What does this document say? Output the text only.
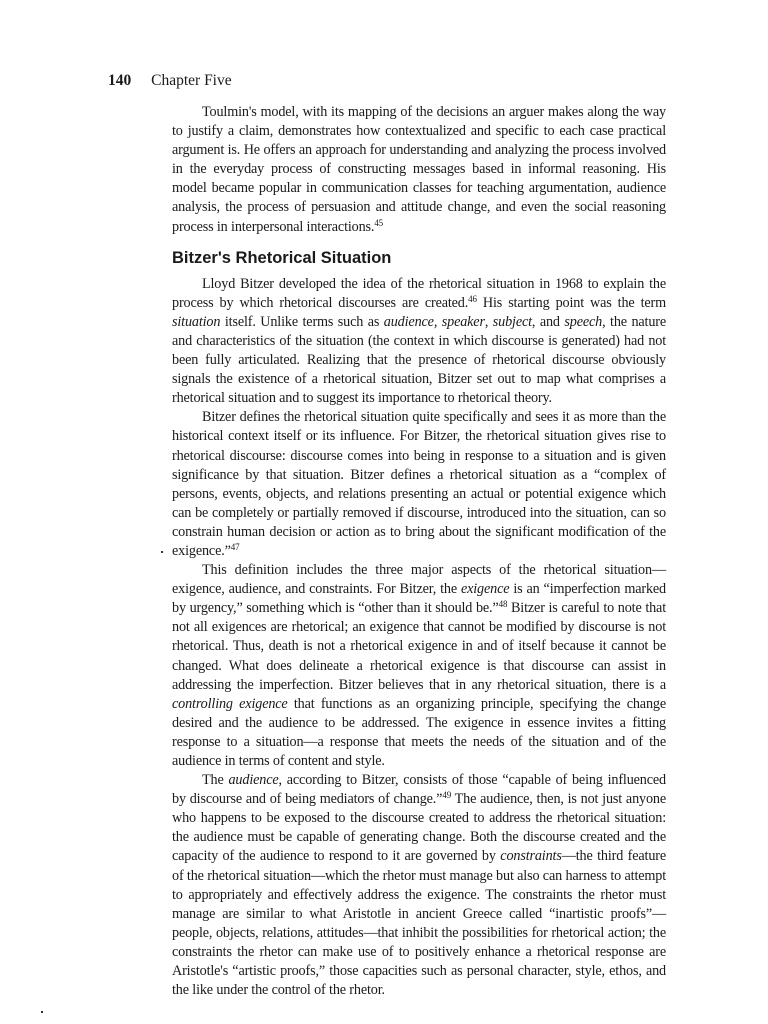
140 Chapter Five

Toulmin's model, with its mapping of the decisions an arguer makes along the way to justify a claim, demonstrates how contextualized and specific to each case practical argument is. He offers an approach for understanding and analyzing the process involved in the everyday process of constructing messages based in informal reasoning. His model became popular in communication classes for teaching argumentation, audience analysis, the process of persuasion and attitude change, and even the social reasoning process in interpersonal interactions.$^{45}$

Bitzer's Rhetorical Situation

Lloyd Bitzer developed the idea of the rhetorical situation in 1968 to explain the process by which rhetorical discourses are created.$^{46}$ His starting point was the term situation itself. Unlike terms such as audience, speaker, subject, and speech, the nature and characteristics of the situation (the context in which discourse is generated) had not been fully articulated. Realizing that the presence of rhetorical discourse obviously signals the existence of a rhetorical situation, Bitzer set out to map what comprises a rhetorical situation and to suggest its importance to rhetorical theory.

Bitzer defines the rhetorical situation quite specifically and sees it as more than the historical context itself or its influence. For Bitzer, the rhetorical situation gives rise to rhetorical discourse: discourse comes into being in response to a situation and is given significance by that situation. Bitzer defines a rhetorical situation as a “complex of persons, events, objects, and relations presenting an actual or potential exigence which can be completely or partially removed if discourse, introduced into the situation, can so constrain human decision or action as to bring about the significant modification of the exigence.”$^{47}$

This definition includes the three major aspects of the rhetorical situation—exigence, audience, and constraints. For Bitzer, the exigence is an “imperfection marked by urgency,” something which is “other than it should be.”$^{48}$ Bitzer is careful to note that not all exigences are rhetorical; an exigence that cannot be modified by discourse is not rhetorical. Thus, death is not a rhetorical exigence in and of itself because it cannot be changed. What does delineate a rhetorical exigence is that discourse can assist in addressing the imperfection. Bitzer believes that in any rhetorical situation, there is a controlling exigence that functions as an organizing principle, specifying the change desired and the audience to be addressed. The exigence in essence invites a fitting response to a situation—a response that meets the needs of the situation and of the audience in terms of content and style.

The audience, according to Bitzer, consists of those “capable of being influenced by discourse and of being mediators of change.”$^{49}$ The audience, then, is not just anyone who happens to be exposed to the discourse created to address the rhetorical situation: the audience must be capable of generating change. Both the discourse created and the capacity of the audience to respond to it are governed by constraints—the third feature of the rhetorical situation—which the rhetor must manage but also can harness to attempt to appropriately and effectively address the exigence. The constraints the rhetor must manage are similar to what Aristotle in ancient Greece called “inartistic proofs”—people, objects, relations, attitudes—that inhibit the possibilities for rhetorical action; the constraints the rhetor can make use of to positively enhance a rhetorical response are Aristotle's “artistic proofs,” those capacities such as personal character, style, ethos, and the like under the control of the rhetor.
